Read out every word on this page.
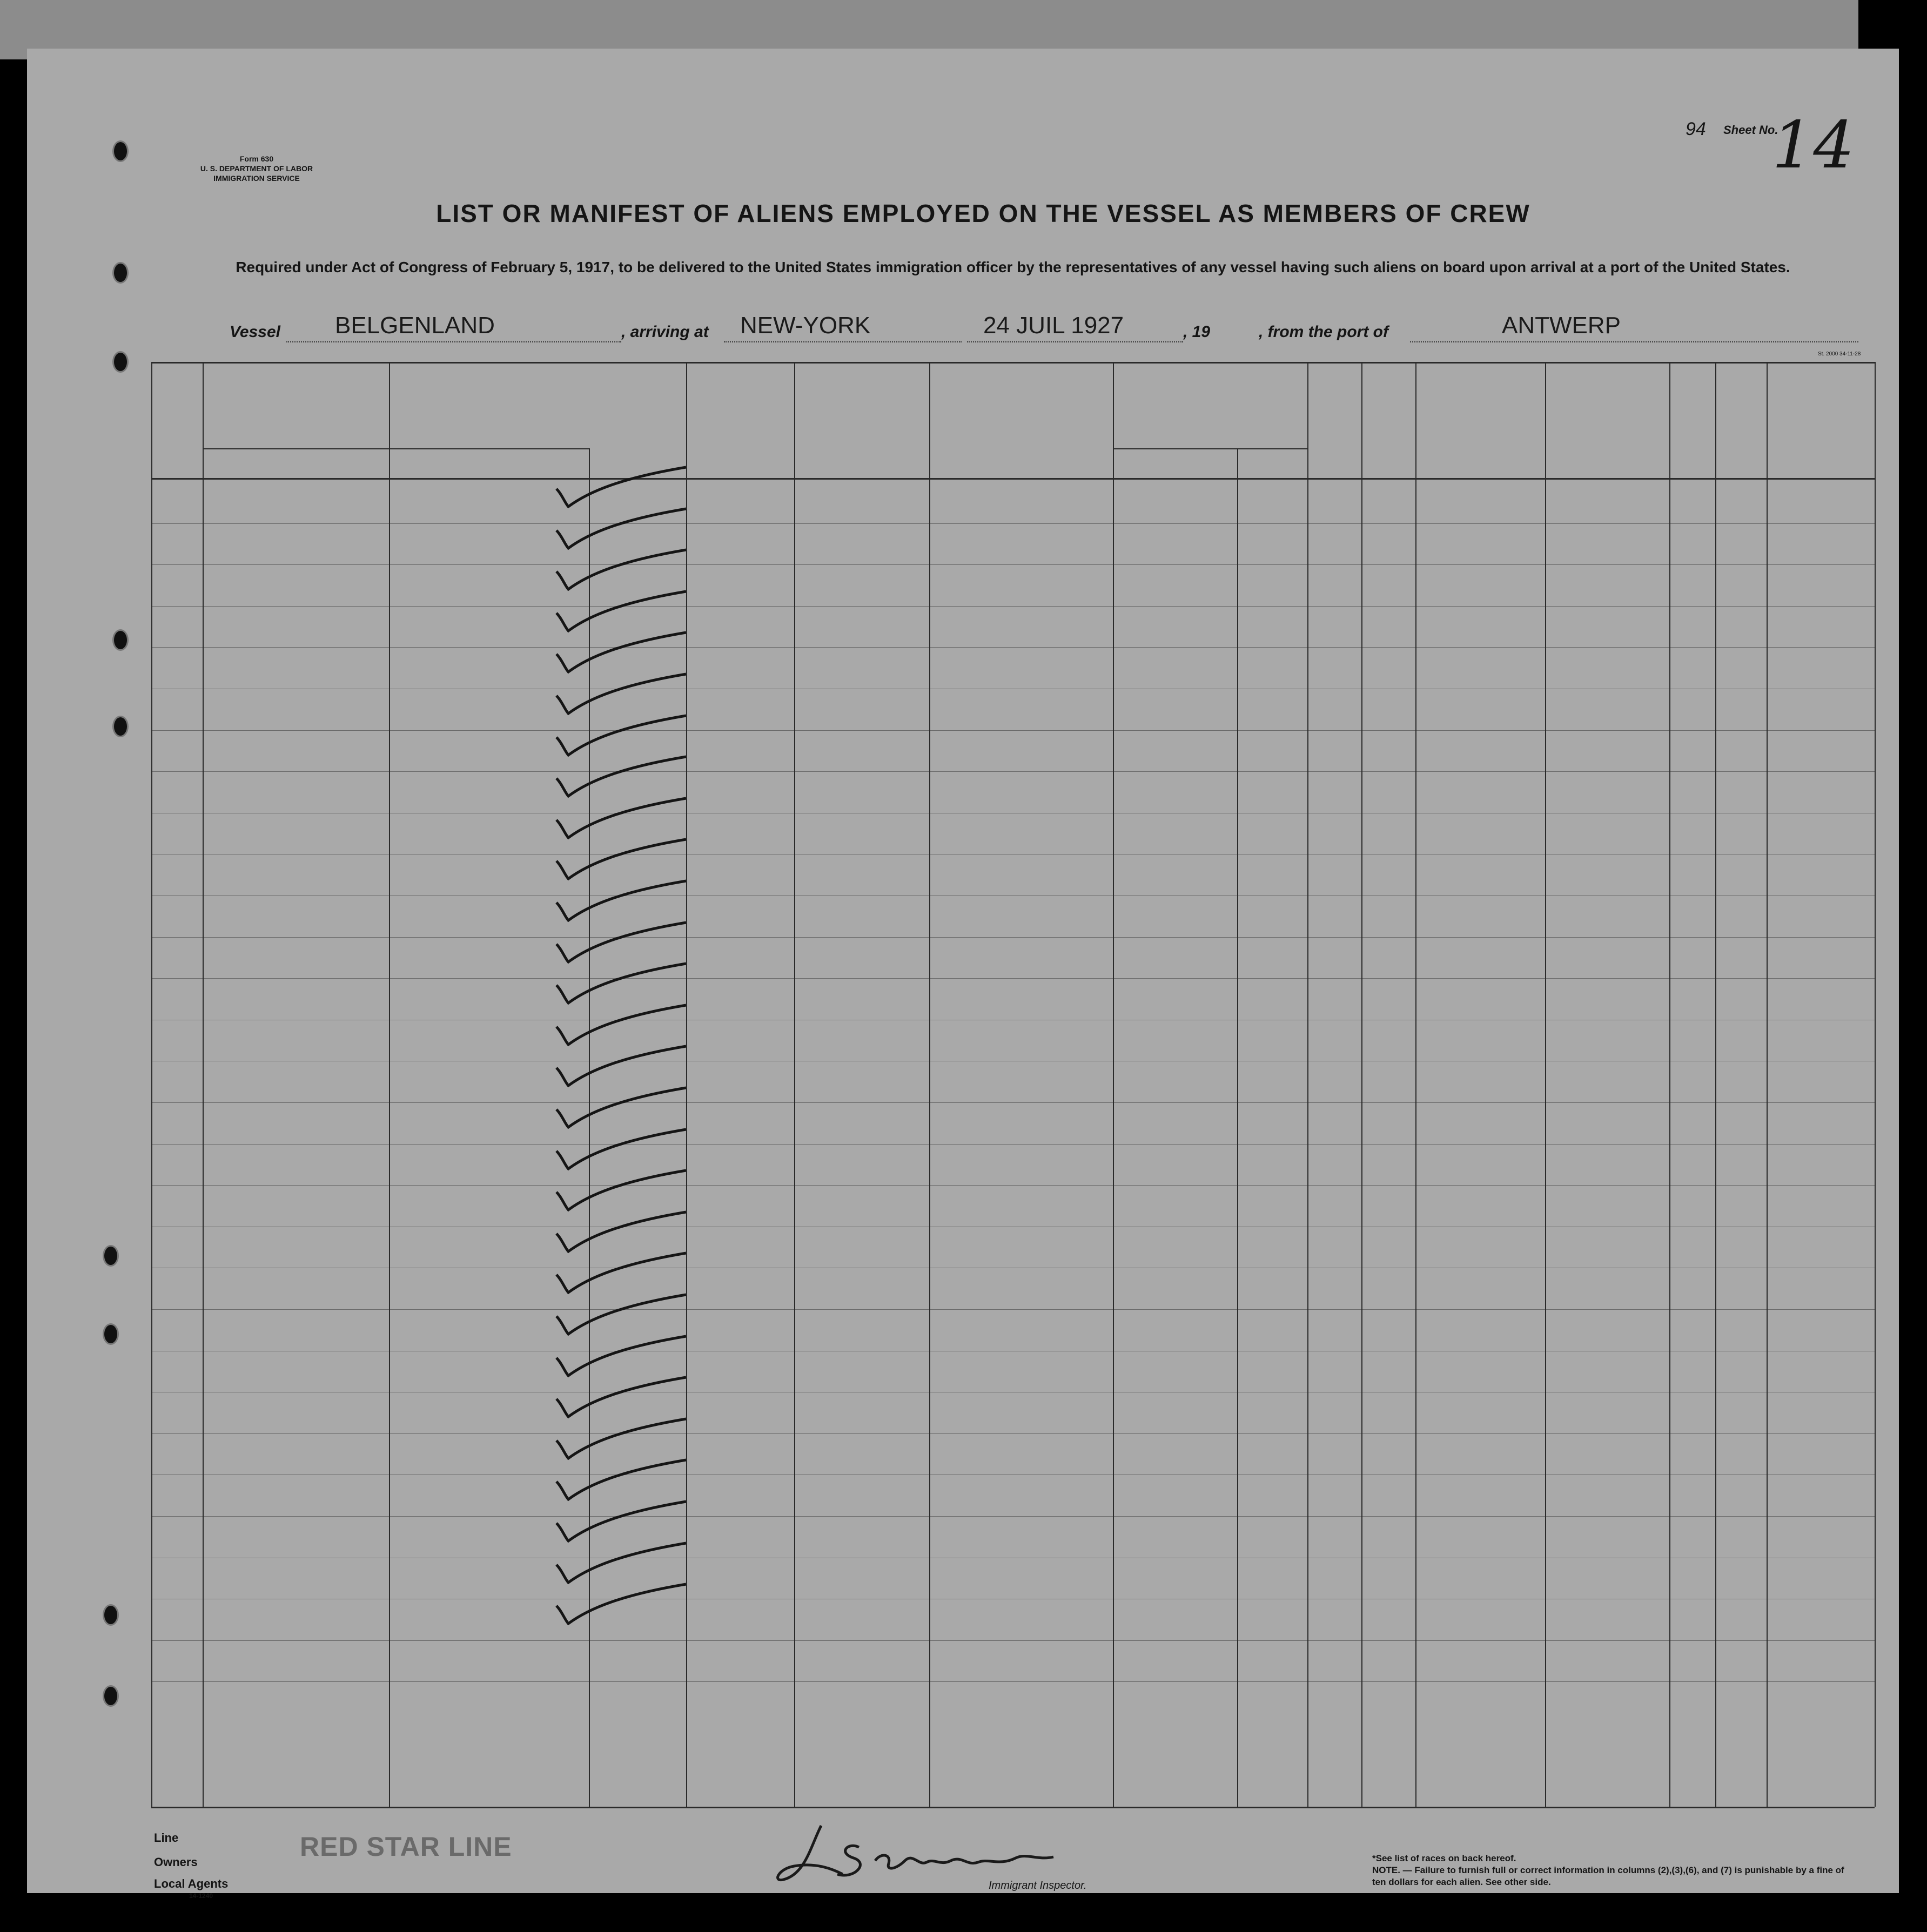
Form 630
U. S. DEPARTMENT OF LABOR
IMMIGRATION SERVICE
94 Sheet No.
14
LIST OR MANIFEST OF ALIENS EMPLOYED ON THE VESSEL AS MEMBERS OF CREW
Required under Act of Congress of February 5, 1917, to be delivered to the United States immigration officer by the representatives of any vessel having such aliens on board upon arrival at a port of the United States.
Vessel BELGENLAND	, arriving at NEW-YORK	24 JUIL 1927	, 19	, from the port of	ANTWERP
St. 2000 34-11-28
Line
Owners
Local Agents
14-1240
RED STAR LINE
Immigrant Inspector.
*See list of races on back hereof.
NOTE. — Failure to furnish full or correct information in columns (2),(3),(6), and (7) is punishable by a fine of ten dollars for each alien. See other side.
